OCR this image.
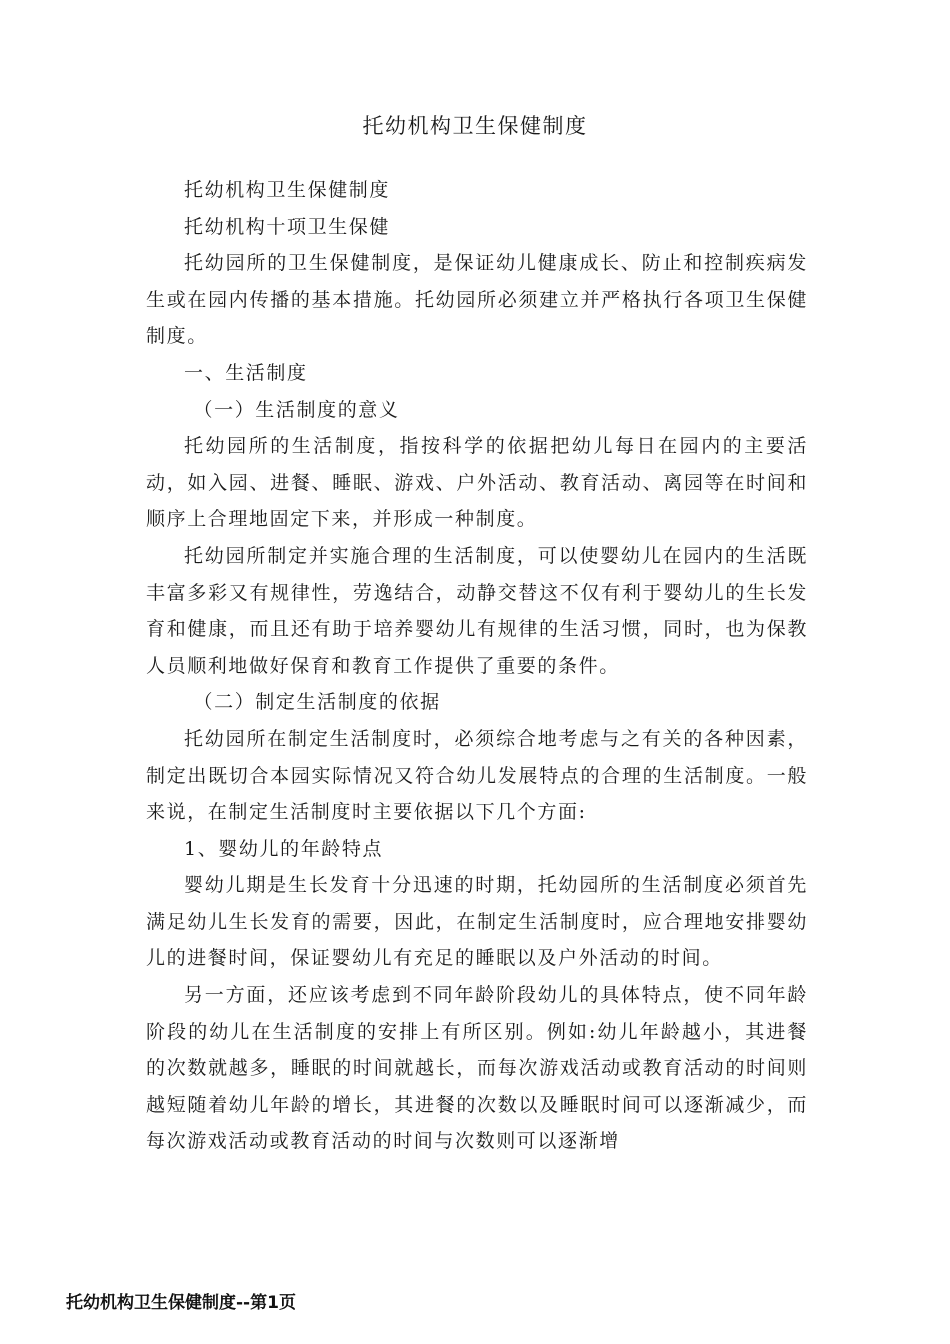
托幼机构卫生保健制度

托幼机构卫生保健制度

托幼机构十项卫生保健

托幼园所的卫生保健制度，是保证幼儿健康成长、防止和控制疾病发生或在园内传播的基本措施。托幼园所必须建立并严格执行各项卫生保健制度。

一、生活制度

（一）生活制度的意义

托幼园所的生活制度，指按科学的依据把幼儿每日在园内的主要活动，如入园、进餐、睡眠、游戏、户外活动、教育活动、离园等在时间和顺序上合理地固定下来，并形成一种制度。

托幼园所制定并实施合理的生活制度，可以使婴幼儿在园内的生活既丰富多彩又有规律性，劳逸结合，动静交替这不仅有利于婴幼儿的生长发育和健康，而且还有助于培养婴幼儿有规律的生活习惯，同时，也为保教人员顺利地做好保育和教育工作提供了重要的条件。

（二）制定生活制度的依据

托幼园所在制定生活制度时，必须综合地考虑与之有关的各种因素，制定出既切合本园实际情况又符合幼儿发展特点的合理的生活制度。一般来说，在制定生活制度时主要依据以下几个方面:

1、婴幼儿的年龄特点

婴幼儿期是生长发育十分迅速的时期，托幼园所的生活制度必须首先满足幼儿生长发育的需要，因此，在制定生活制度时，应合理地安排婴幼儿的进餐时间，保证婴幼儿有充足的睡眠以及户外活动的时间。

另一方面，还应该考虑到不同年龄阶段幼儿的具体特点，使不同年龄阶段的幼儿在生活制度的安排上有所区别。例如:幼儿年龄越小，其进餐的次数就越多，睡眠的时间就越长，而每次游戏活动或教育活动的时间则越短随着幼儿年龄的增长，其进餐的次数以及睡眠时间可以逐渐减少，而每次游戏活动或教育活动的时间与次数则可以逐渐增

托幼机构卫生保健制度--第1页
